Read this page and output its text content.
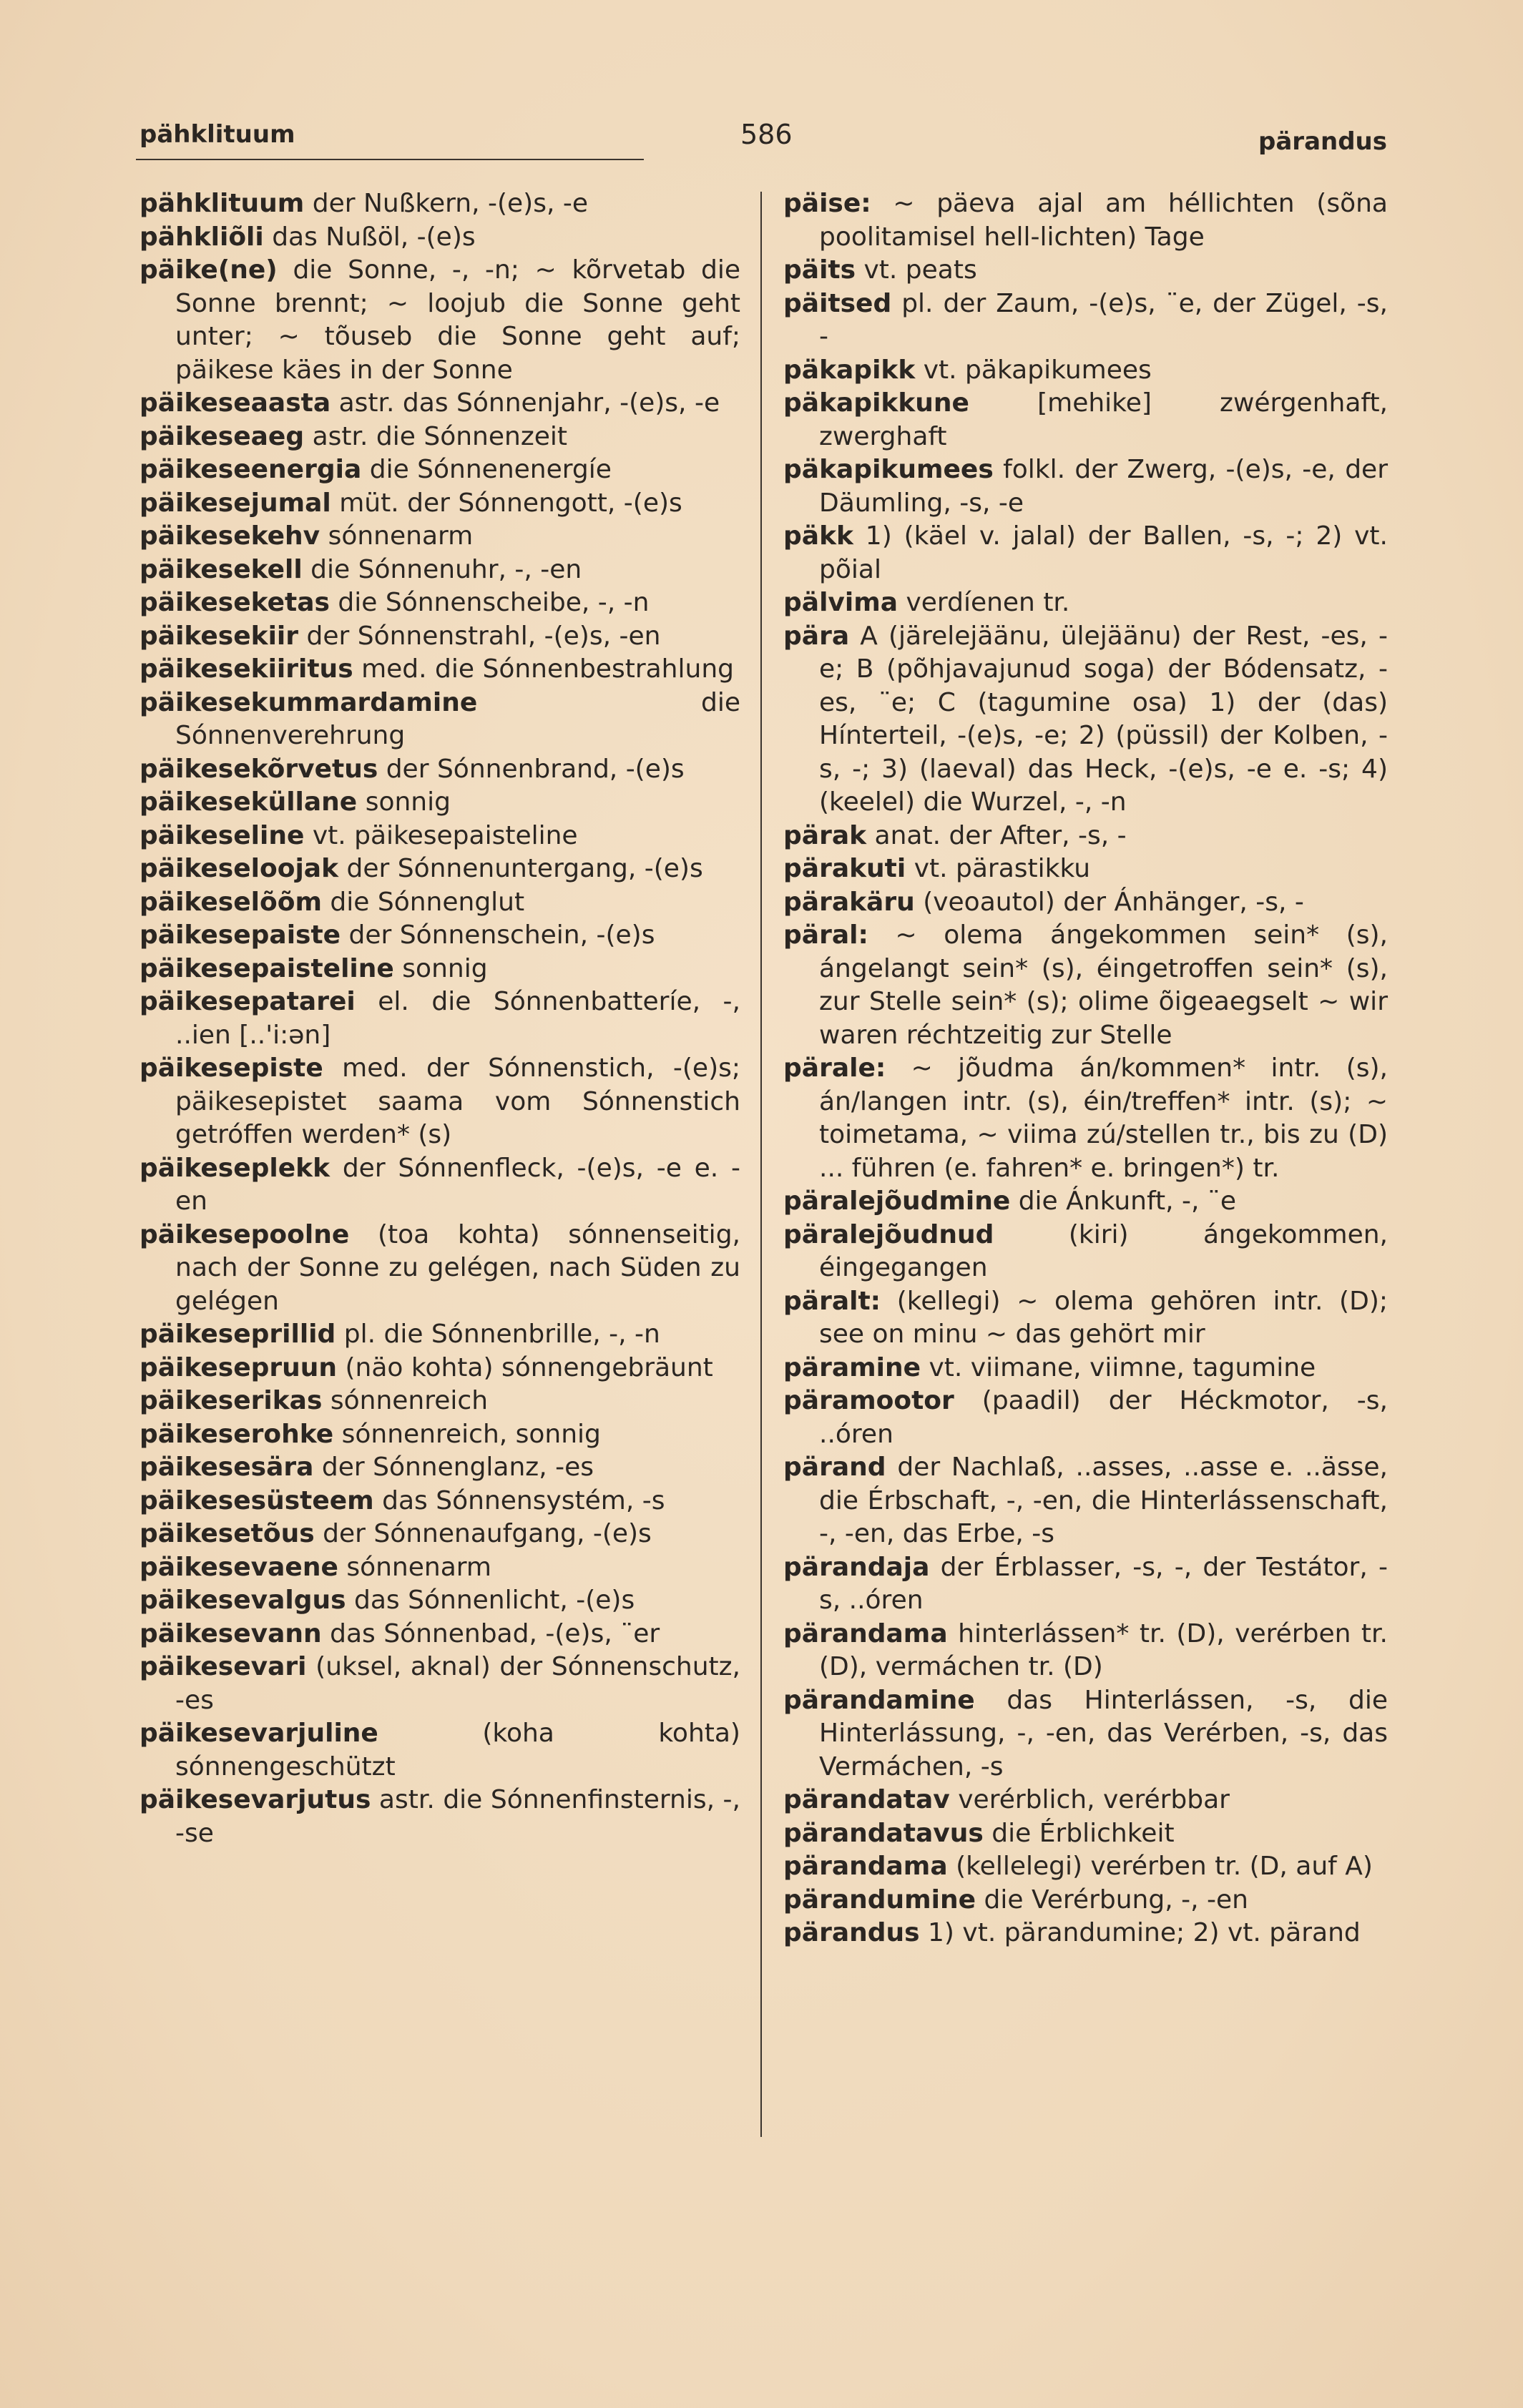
pähklituum	586	pärandus

pähklituum der Nußkern, -(e)s, -e

pähkliõli das Nußöl, -(e)s

päike(ne) die Sonne, -, -n; ~ kõrvetab die Sonne brennt; ~ loojub die Sonne geht unter; ~ tõuseb die Sonne geht auf; päikese käes in der Sonne

päikeseaasta astr. das Sónnenjahr, -(e)s, -e

päikeseaeg astr. die Sónnenzeit

päikeseenergia die Sónnenenergíe

päikesejumal müt. der Sónnengott, -(e)s

päikesekehv sónnenarm

päikesekell die Sónnenuhr, -, -en

päikeseketas die Sónnenscheibe, -, -n

päikesekiir der Sónnenstrahl, -(e)s, -en

päikesekiiritus med. die Sónnenbestrahlung

päikesekummardamine	die Sónnenverehrung

päikesekõrvetus der Sónnenbrand, -(e)s

päikeseküllane sonnig

päikeseline vt. päikesepaisteline

päikeseloojak der Sónnenuntergang, -(e)s

päikeselõõm die Sónnenglut

päikesepaiste der Sónnenschein, -(e)s

päikesepaisteline sonnig

päikesepatarei el. die Sónnenbatteríe, -, ..ien [..'i:ən]

päikesepiste med. der Sónnenstich, -(e)s; päikesepistet saama vom Sónnenstich getróffen werden* (s)

päikeseplekk der Sónnenfleck, -(e)s, -e e. -en

päikesepoolne (toa kohta) sónnenseitig, nach der Sonne zu gelégen, nach Süden zu gelégen

päikeseprillid pl. die Sónnenbrille, -, -n

päikesepruun (näo kohta) sónnengebräunt

päikeserikas sónnenreich

päikeserohke sónnenreich, sonnig

päikesesära der Sónnenglanz, -es

päikesesüsteem das Sónnensystém, -s

päikesetõus der Sónnenaufgang, -(e)s

päikesevaene sónnenarm

päikesevalgus das Sónnenlicht, -(e)s

päikesevann das Sónnenbad, -(e)s, ¨er

päikesevari (uksel, aknal) der Sónnenschutz, -es

päikesevarjuline	(koha kohta) sónnengeschützt

päikesevarjutus astr. die Sónnenfinsternis, -, -se

päise: ~ päeva ajal am héllichten (sõna poolitamisel hell-lichten) Tage

päits vt. peats

päitsed pl. der Zaum, -(e)s, ¨e, der Zügel, -s, -

päkapikk vt. päkapikumees

päkapikkune	[mehike] zwérgenhaft, zwerghaft

päkapikumees folkl. der Zwerg, -(e)s, -e, der Däumling, -s, -e

päkk 1) (käel v. jalal) der Ballen, -s, -; 2) vt. põial

pälvima verdíenen tr.

pära A (järelejäänu, ülejäänu) der Rest, -es, -e; B (põhjavajunud soga) der Bódensatz, -es, ¨e; C (tagumine osa) 1) der (das) Hínterteil, -(e)s, -e; 2) (püssil) der Kolben, -s, -; 3) (laeval) das Heck, -(e)s, -e e. -s; 4) (keelel) die Wurzel, -, -n

pärak anat. der After, -s, -

pärakuti vt. pärastikku

pärakäru (veoautol) der Ánhänger, -s, -

päral: ~ olema ángekommen sein* (s), ángelangt sein* (s), éingetroffen sein* (s), zur Stelle sein* (s); olime õigeaegselt ~ wir waren réchtzeitig zur Stelle

pärale: ~ jõudma án/kommen* intr. (s), án/langen intr. (s), éin/treffen* intr. (s); ~ toimetama, ~ viima zú/stellen tr., bis zu (D) ... führen (e. fahren* e. bringen*) tr.

päralejõudmine die Ánkunft, -, ¨e

päralejõudnud	(kiri) ángekommen, éingegangen

päralt: (kellegi) ~ olema gehören intr. (D); see on minu ~ das gehört mir

päramine vt. viimane, viimne, tagumine

päramootor (paadil) der Héckmotor, -s, ..óren

pärand der Nachlaß, ..asses, ..asse e. ..ässe, die Érbschaft, -, -en, die Hinterlássenschaft, -, -en, das Erbe, -s

pärandaja der Érblasser, -s, -, der Testátor, -s, ..óren

pärandama hinterlássen* tr. (D), verérben tr. (D), vermáchen tr. (D)

pärandamine das Hinterlássen, -s, die Hinterlássung, -, -en, das Verérben, -s, das Vermáchen, -s

pärandatav verérblich, verérbbar

pärandatavus die Érblichkeit

pärandama (kellelegi) verérben tr. (D, auf A)

pärandumine die Verérbung, -, -en

pärandus 1) vt. pärandumine; 2) vt. pärand
